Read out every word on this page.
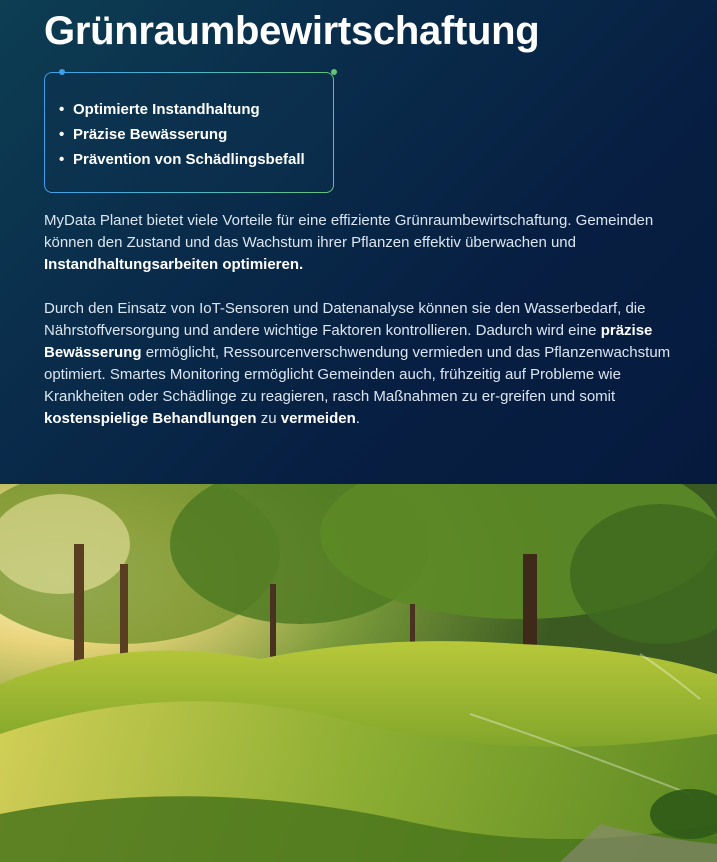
Grünraumbewirtschaftung
• Optimierte Instandhaltung
• Präzise Bewässerung
• Prävention von Schädlingsbefall

MyData Planet bietet viele Vorteile für eine effiziente Grünraumbewirtschaftung. Gemeinden können den Zustand und das Wachstum ihrer Pflanzen effektiv überwachen und Instandhaltungsarbeiten optimieren.

Durch den Einsatz von IoT-Sensoren und Datenanalyse können sie den Wasserbedarf, die Nährstoffversorgung und andere wichtige Faktoren kontrollieren. Dadurch wird eine präzise Bewässerung ermöglicht, Ressourcenverschwendung vermieden und das Pflanzenwachstum optimiert. Smartes Monitoring ermöglicht Gemeinden auch, frühzeitig auf Probleme wie Krankheiten oder Schädlinge zu reagieren, rasch Maßnahmen zu er-greifen und somit kostenspielige Behandlungen zu vermeiden.
